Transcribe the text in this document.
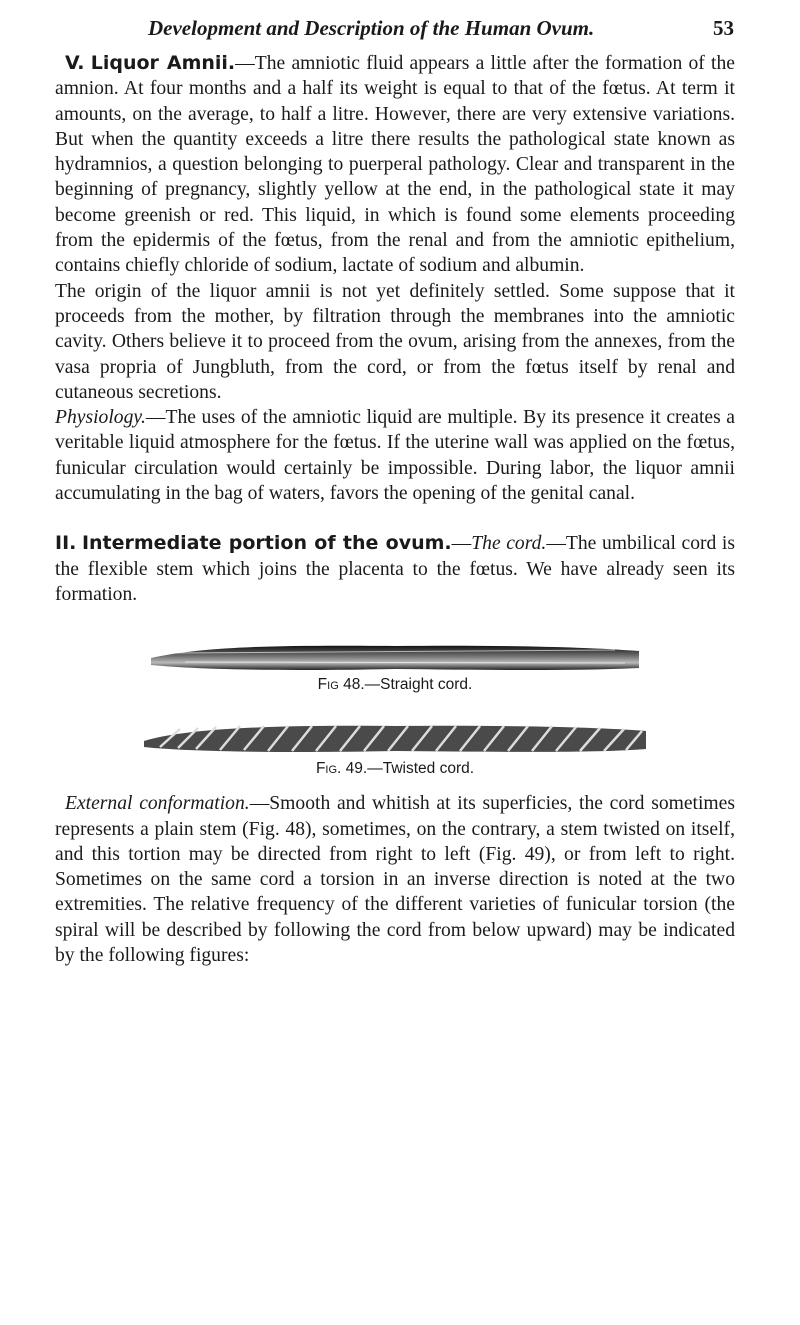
Development and Description of the Human Ovum.	53

V. Liquor Amnii.—The amniotic fluid appears a little after the formation of the amnion. At four months and a half its weight is equal to that of the fœtus. At term it amounts, on the average, to half a litre. However, there are very extensive variations. But when the quantity exceeds a litre there results the pathological state known as hydramnios, a question belonging to puerperal pathology. Clear and transparent in the beginning of pregnancy, slightly yellow at the end, in the pathological state it may become greenish or red. This liquid, in which is found some elements proceeding from the epidermis of the fœtus, from the renal and from the amniotic epithelium, contains chiefly chloride of sodium, lactate of sodium and albumin.

The origin of the liquor amnii is not yet definitely settled. Some suppose that it proceeds from the mother, by filtration through the membranes into the amniotic cavity. Others believe it to proceed from the ovum, arising from the annexes, from the vasa propria of Jungbluth, from the cord, or from the fœtus itself by renal and cutaneous secretions.

Physiology.—The uses of the amniotic liquid are multiple. By its presence it creates a veritable liquid atmosphere for the fœtus. If the uterine wall was applied on the fœtus, funicular circulation would certainly be impossible. During labor, the liquor amnii accumulating in the bag of waters, favors the opening of the genital canal.

II. Intermediate portion of the ovum.—The cord.—The umbilical cord is the flexible stem which joins the placenta to the fœtus. We have already seen its formation.

Fig 48.—Straight cord.
Fig. 49.—Twisted cord.

External conformation.—Smooth and whitish at its superficies, the cord sometimes represents a plain stem (Fig. 48), sometimes, on the contrary, a stem twisted on itself, and this tortion may be directed from right to left (Fig. 49), or from left to right. Sometimes on the same cord a torsion in an inverse direction is noted at the two extremities. The relative frequency of the different varieties of funicular torsion (the spiral will be described by following the cord from below upward) may be indicated by the following figures:
